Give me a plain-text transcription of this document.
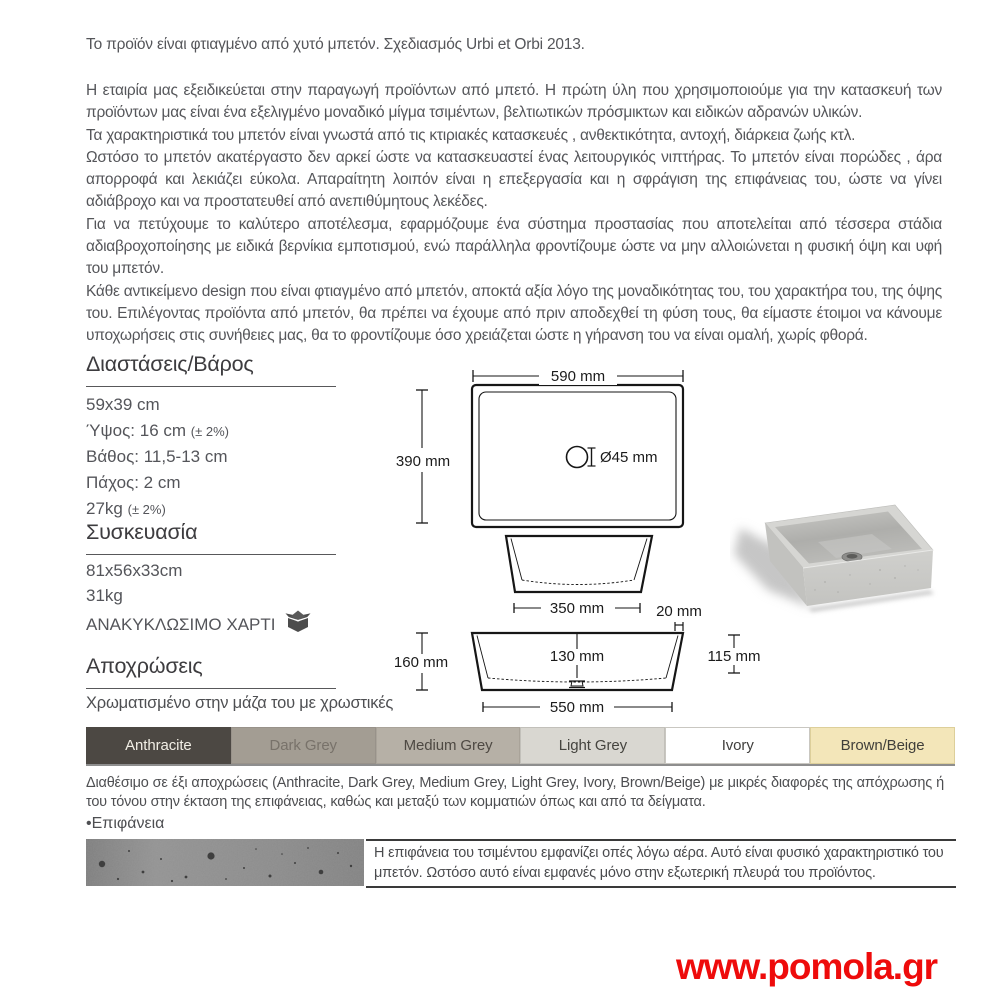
Το προϊόν είναι φτιαγμένο από χυτό μπετόν. Σχεδιασμός Urbi et Orbi 2013.

Η εταιρία μας εξειδικεύεται στην παραγωγή προϊόντων από μπετό. Η πρώτη ύλη που χρησιμοποιούμε για την κατασκευή των προϊόντων μας είναι ένα εξελιγμένο μοναδικό μίγμα τσιμέντων, βελτιωτικών πρόσμικτων και ειδικών αδρανών υλικών.

Τα χαρακτηριστικά του μπετόν είναι γνωστά από τις κτιριακές κατασκευές , ανθεκτικότητα, αντοχή, διάρκεια ζωής κτλ.

Ωστόσο το μπετόν ακατέργαστο δεν αρκεί ώστε να κατασκευαστεί ένας λειτουργικός νιπτήρας. Το μπετόν είναι πορώδες , άρα απορροφά και λεκιάζει εύκολα. Απαραίτητη λοιπόν είναι η επεξεργασία και η σφράγιση της επιφάνειας του, ώστε να γίνει αδιάβροχο και να προστατευθεί από ανεπιθύμητους λεκέδες.

Για να πετύχουμε το καλύτερο αποτέλεσμα, εφαρμόζουμε ένα σύστημα προστασίας που αποτελείται από τέσσερα στάδια αδιαβροχοποίησης με ειδικά βερνίκια εμποτισμού, ενώ παράλληλα φροντίζουμε ώστε να μην αλλοιώνεται η φυσική όψη και υφή του μπετόν.

Κάθε αντικείμενο design που είναι φτιαγμένο από μπετόν, αποκτά αξία λόγο της μοναδικότητας του, του χαρακτήρα του, της όψης του. Επιλέγοντας προϊόντα από μπετόν, θα πρέπει να έχουμε από πριν αποδεχθεί τη φύση τους, θα είμαστε έτοιμοι να κάνουμε υποχωρήσεις στις συνήθειες μας, θα το φροντίζουμε όσο χρειάζεται ώστε η γήρανση του να είναι ομαλή, χωρίς φθορά.

Διαστάσεις/Βάρος
59x39 cm
Ύψος: 16 cm (± 2%)
Βάθος: 11,5-13 cm
Πάχος: 2 cm
27kg (± 2%)
Συσκευασία
81x56x33cm
31kg
ΑΝΑΚΥΚΛΩΣΙΜΟ ΧΑΡΤΙ
590 mm
390 mm	Ø45 mm
350 mm	20 mm
130 mm
160 mm	115 mm
550 mm
Αποχρώσεις
Χρωματισμένο στην μάζα του με χρωστικές
Anthracite	Dark Grey	Medium Grey	Light Grey	Ivory	Brown/Beige
Διαθέσιμο σε έξι αποχρώσεις (Anthracite, Dark Grey, Medium Grey, Light Grey, Ivory, Brown/Beige) με μικρές διαφορές της απόχρωσης ή του τόνου στην έκταση της επιφάνειας, καθώς και μεταξύ των κομματιών όπως και από τα δείγματα.
•Επιφάνεια
Η επιφάνεια του τσιμέντου εμφανίζει οπές λόγω αέρα. Αυτό είναι φυσικό χαρακτηριστικό του μπετόν. Ωστόσο αυτό είναι εμφανές μόνο στην εξωτερική πλευρά του προϊόντος.
www.pomola.gr
